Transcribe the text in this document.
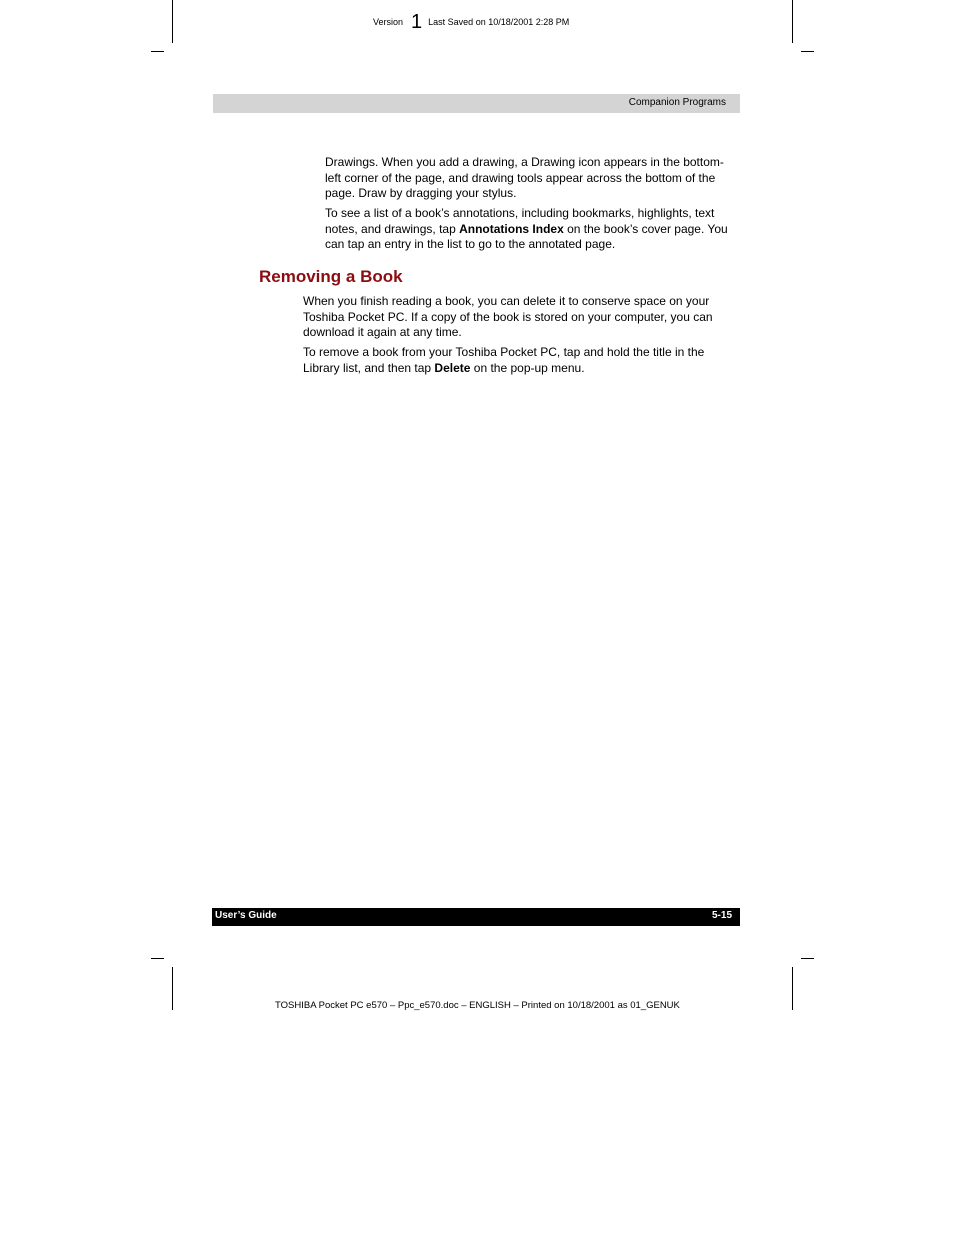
Version 1 Last Saved on 10/18/2001 2:28 PM
Companion Programs
Drawings. When you add a drawing, a Drawing icon appears in the bottom-left corner of the page, and drawing tools appear across the bottom of the page. Draw by dragging your stylus.
To see a list of a book’s annotations, including bookmarks, highlights, text notes, and drawings, tap Annotations Index on the book’s cover page. You can tap an entry in the list to go to the annotated page.
Removing a Book
When you finish reading a book, you can delete it to conserve space on your Toshiba Pocket PC. If a copy of the book is stored on your computer, you can download it again at any time.
To remove a book from your Toshiba Pocket PC, tap and hold the title in the Library list, and then tap Delete on the pop-up menu.
User’s Guide	5-15
TOSHIBA Pocket PC e570 – Ppc_e570.doc – ENGLISH – Printed on 10/18/2001 as 01_GENUK
